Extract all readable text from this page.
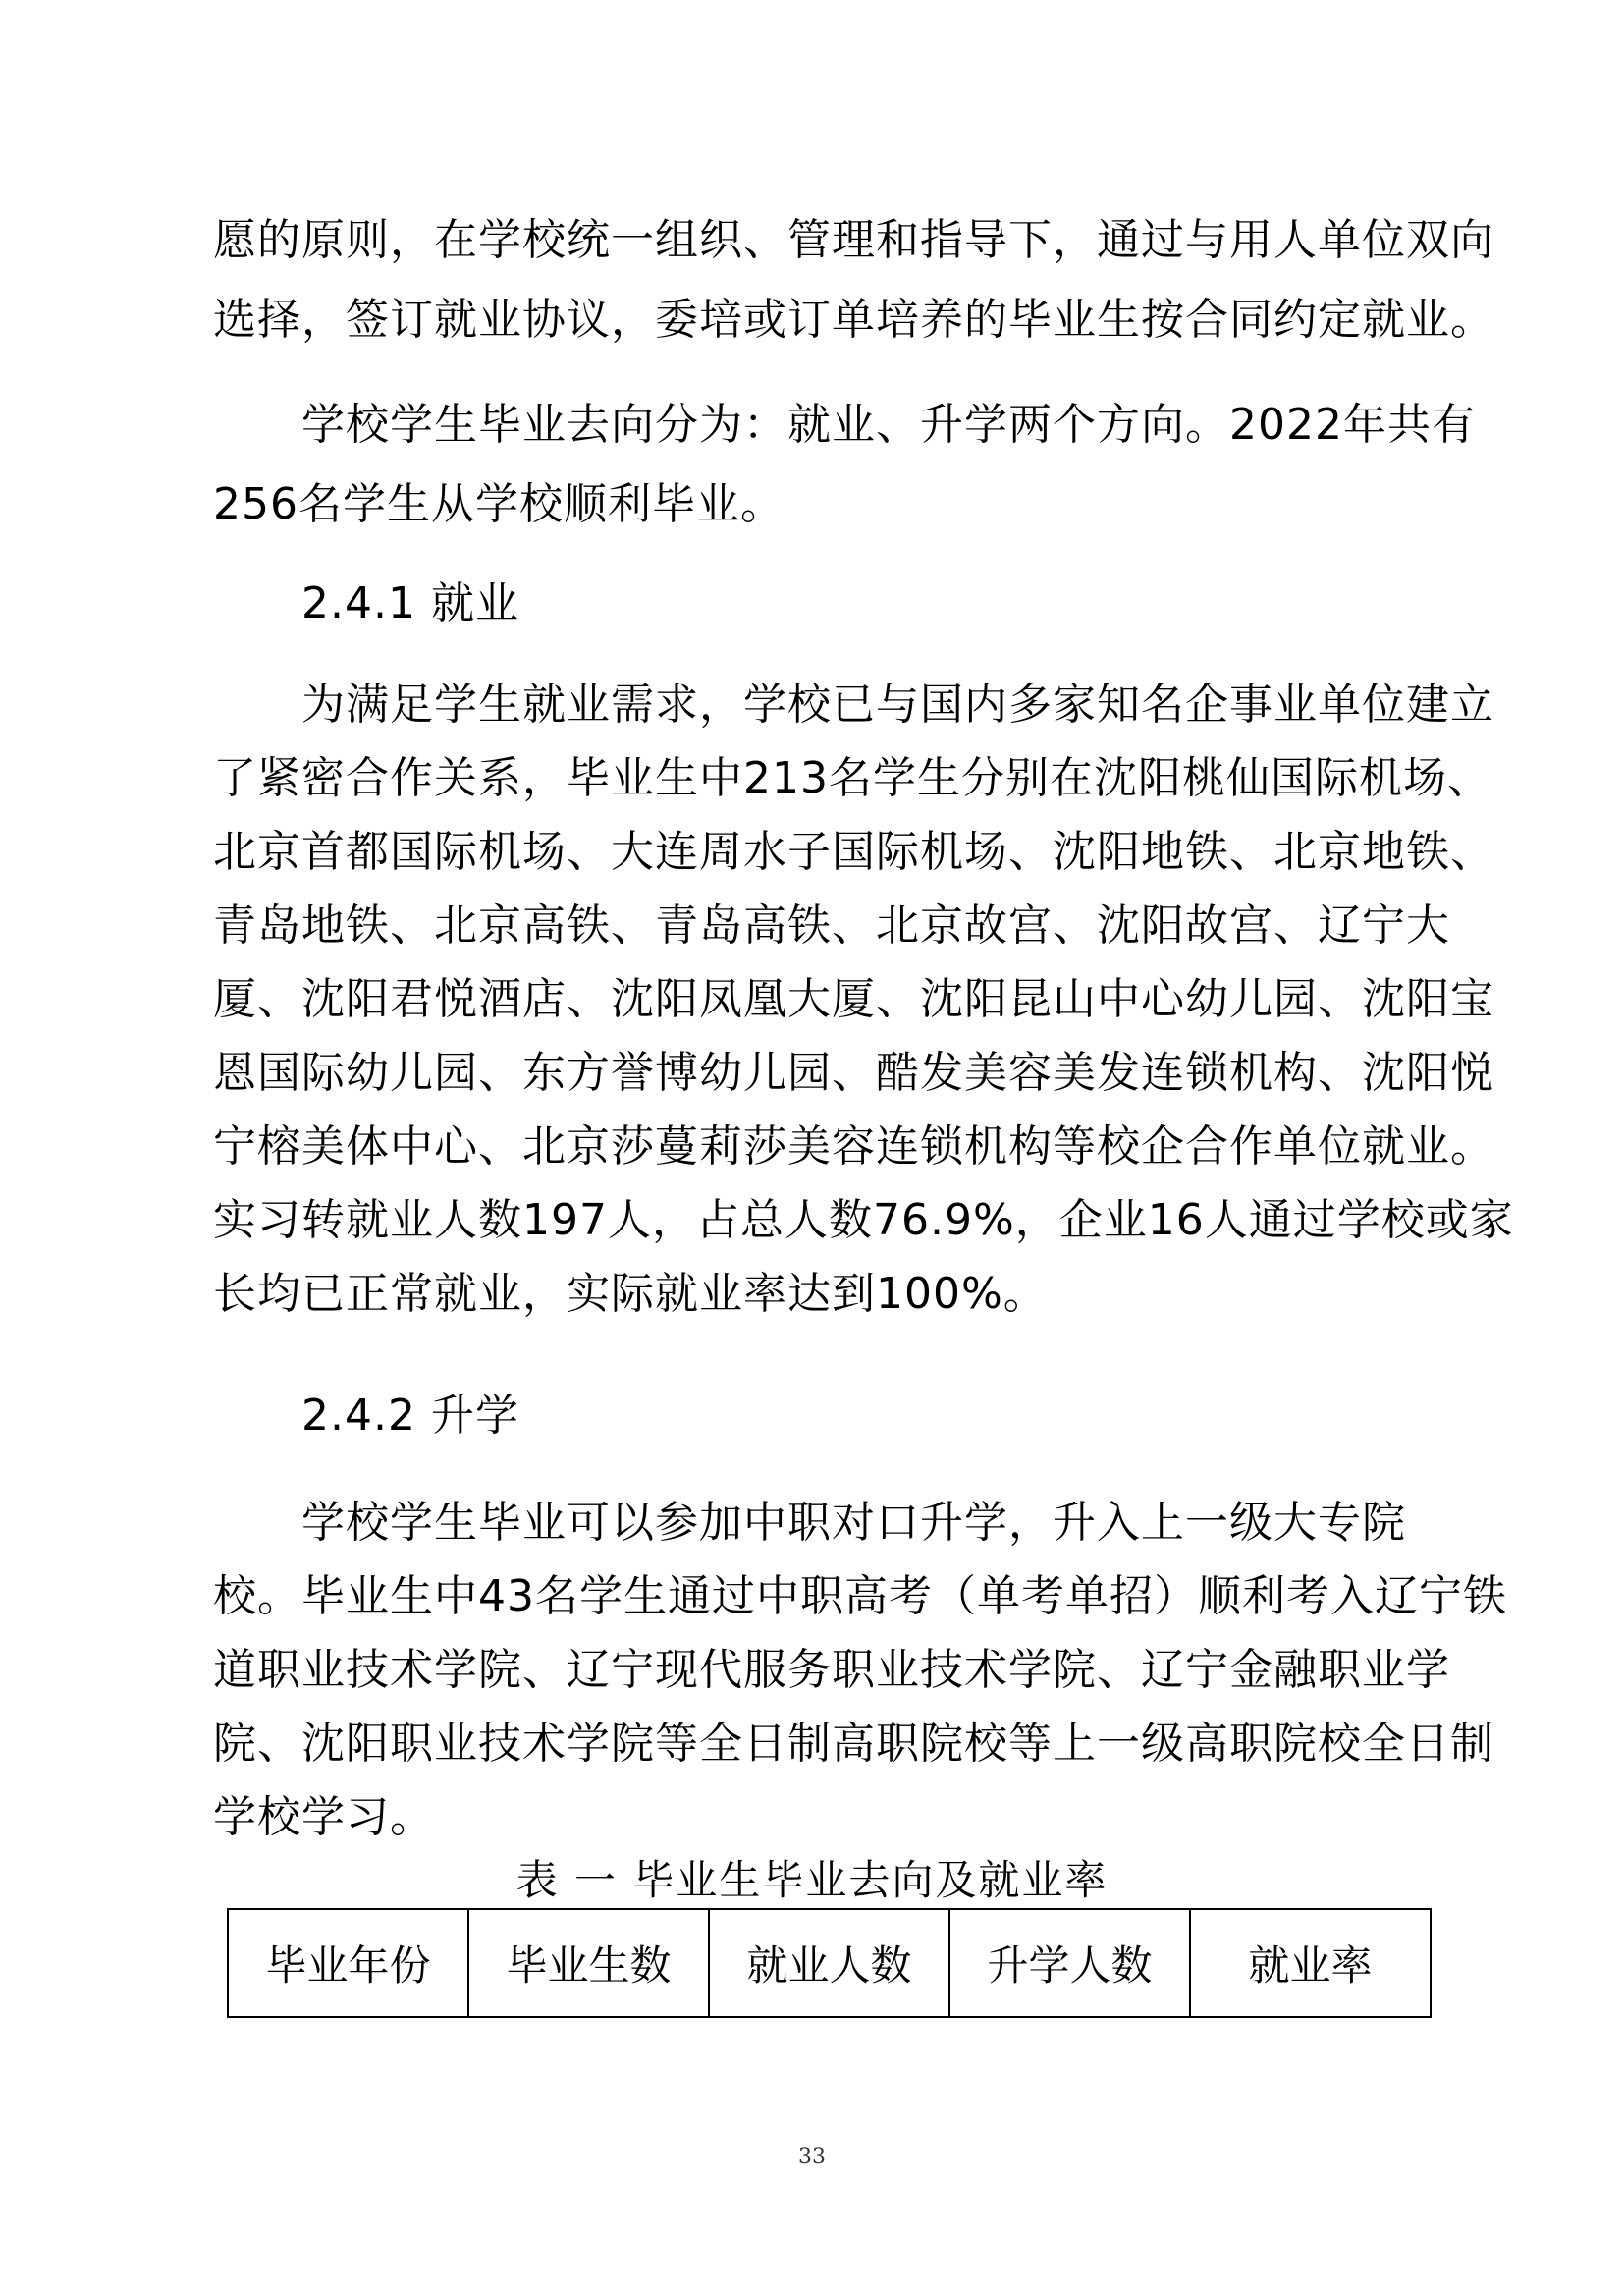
愿的原则，在学校统一组织、管理和指导下，通过与用人单位双向
选择，签订就业协议，委培或订单培养的毕业生按合同约定就业。
学校学生毕业去向分为：就业、升学两个方向。2022年共有
256名学生从学校顺利毕业。
2.4.1 就业
为满足学生就业需求，学校已与国内多家知名企事业单位建立
了紧密合作关系，毕业生中213名学生分别在沈阳桃仙国际机场、
北京首都国际机场、大连周水子国际机场、沈阳地铁、北京地铁、
青岛地铁、北京高铁、青岛高铁、北京故宫、沈阳故宫、辽宁大
厦、沈阳君悦酒店、沈阳凤凰大厦、沈阳昆山中心幼儿园、沈阳宝
恩国际幼儿园、东方誉博幼儿园、酷发美容美发连锁机构、沈阳悦
宁榕美体中心、北京莎蔓莉莎美容连锁机构等校企合作单位就业。
实习转就业人数197人，占总人数76.9%，企业16人通过学校或家
长均已正常就业，实际就业率达到100%。
2.4.2 升学
学校学生毕业可以参加中职对口升学，升入上一级大专院
校。毕业生中43名学生通过中职高考（单考单招）顺利考入辽宁铁
道职业技术学院、辽宁现代服务职业技术学院、辽宁金融职业学
院、沈阳职业技术学院等全日制高职院校等上一级高职院校全日制
学校学习。
表 一 毕业生毕业去向及就业率
毕业年份	毕业生数	就业人数	升学人数	就业率
33
